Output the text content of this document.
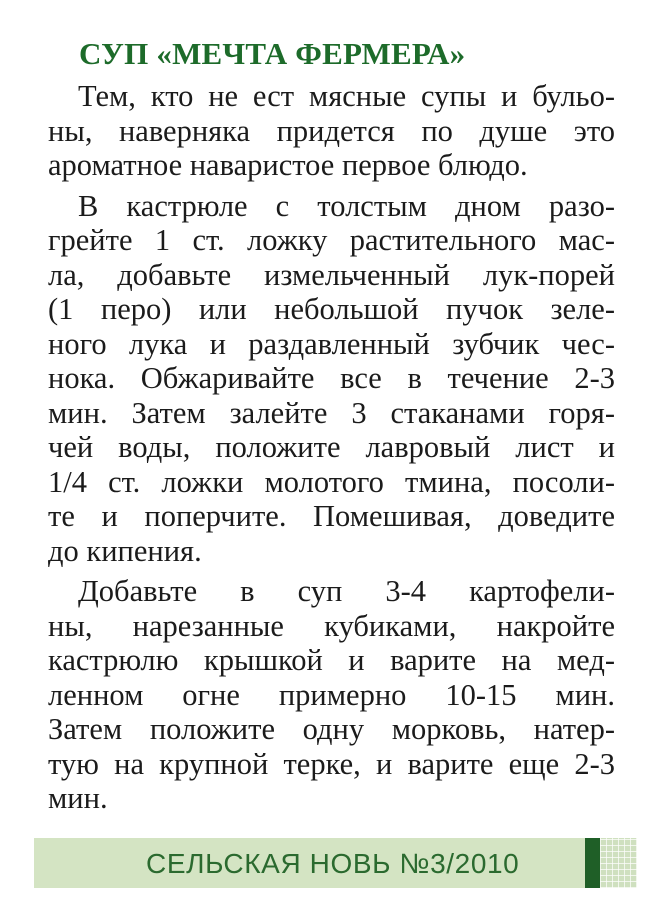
СУП «МЕЧТА ФЕРМЕРА»

Тем, кто не ест мясные супы и бульо-
ны, наверняка придется по душе это
ароматное наваристое первое блюдо.

В кастрюле с толстым дном разо-
грейте 1 ст. ложку растительного мас-
ла, добавьте измельченный лук-порей
(1 перо) или небольшой пучок зеле-
ного лука и раздавленный зубчик чес-
нока. Обжаривайте все в течение 2-3
мин. Затем залейте 3 стаканами горя-
чей воды, положите лавровый лист и
1/4 ст. ложки молотого тмина, посоли-
те и поперчите. Помешивая, доведите
до кипения.

Добавьте в суп 3-4 картофели-
ны, нарезанные кубиками, накройте
кастрюлю крышкой и варите на мед-
ленном огне примерно 10-15 мин.
Затем положите одну морковь, натер-
тую на крупной терке, и варите еще 2-3
мин.

СЕЛЬСКАЯ НОВЬ №3/2010
